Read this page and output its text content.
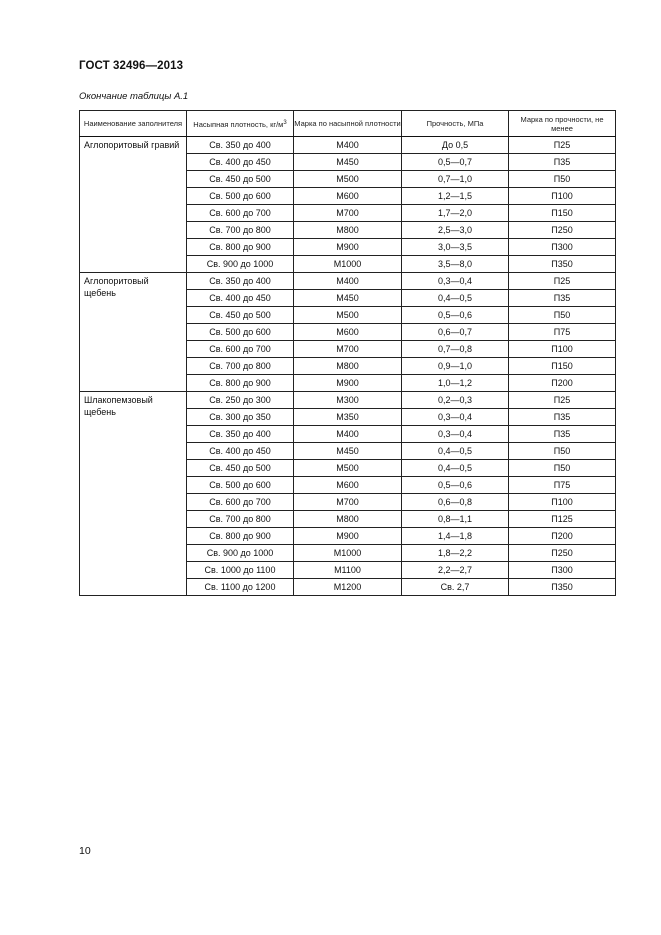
ГОСТ 32496—2013
Окончание таблицы А.1
Наименование заполнителя	Насыпная плотность, $кг/м^3$	Марка по насыпной плотности	Прочность, МПа	Марка по прочности, не менее
Аглопоритовый гравий	Св. 350 до 400	М400	До 0,5	П25
	Св. 400 до 450	М450	0,5—0,7	П35
	Св. 450 до 500	М500	0,7—1,0	П50
	Св. 500 до 600	М600	1,2—1,5	П100
	Св. 600 до 700	М700	1,7—2,0	П150
	Св. 700 до 800	М800	2,5—3,0	П250
	Св. 800 до 900	М900	3,0—3,5	П300
	Св. 900 до 1000	М1000	3,5—8,0	П350
Аглопоритовый щебень	Св. 350 до 400	М400	0,3—0,4	П25
	Св. 400 до 450	М450	0,4—0,5	П35
	Св. 450 до 500	М500	0,5—0,6	П50
	Св. 500 до 600	М600	0,6—0,7	П75
	Св. 600 до 700	М700	0,7—0,8	П100
	Св. 700 до 800	М800	0,9—1,0	П150
	Св. 800 до 900	М900	1,0—1,2	П200
Шлакопемзовый щебень	Св. 250 до 300	М300	0,2—0,3	П25
	Св. 300 до 350	М350	0,3—0,4	П35
	Св. 350 до 400	М400	0,3—0,4	П35
	Св. 400 до 450	М450	0,4—0,5	П50
	Св. 450 до 500	М500	0,4—0,5	П50
	Св. 500 до 600	М600	0,5—0,6	П75
	Св. 600 до 700	М700	0,6—0,8	П100
	Св. 700 до 800	М800	0,8—1,1	П125
	Св. 800 до 900	М900	1,4—1,8	П200
	Св. 900 до 1000	М1000	1,8—2,2	П250
	Св. 1000 до 1100	М1100	2,2—2,7	П300
	Св. 1100 до 1200	М1200	Св. 2,7	П350
10
